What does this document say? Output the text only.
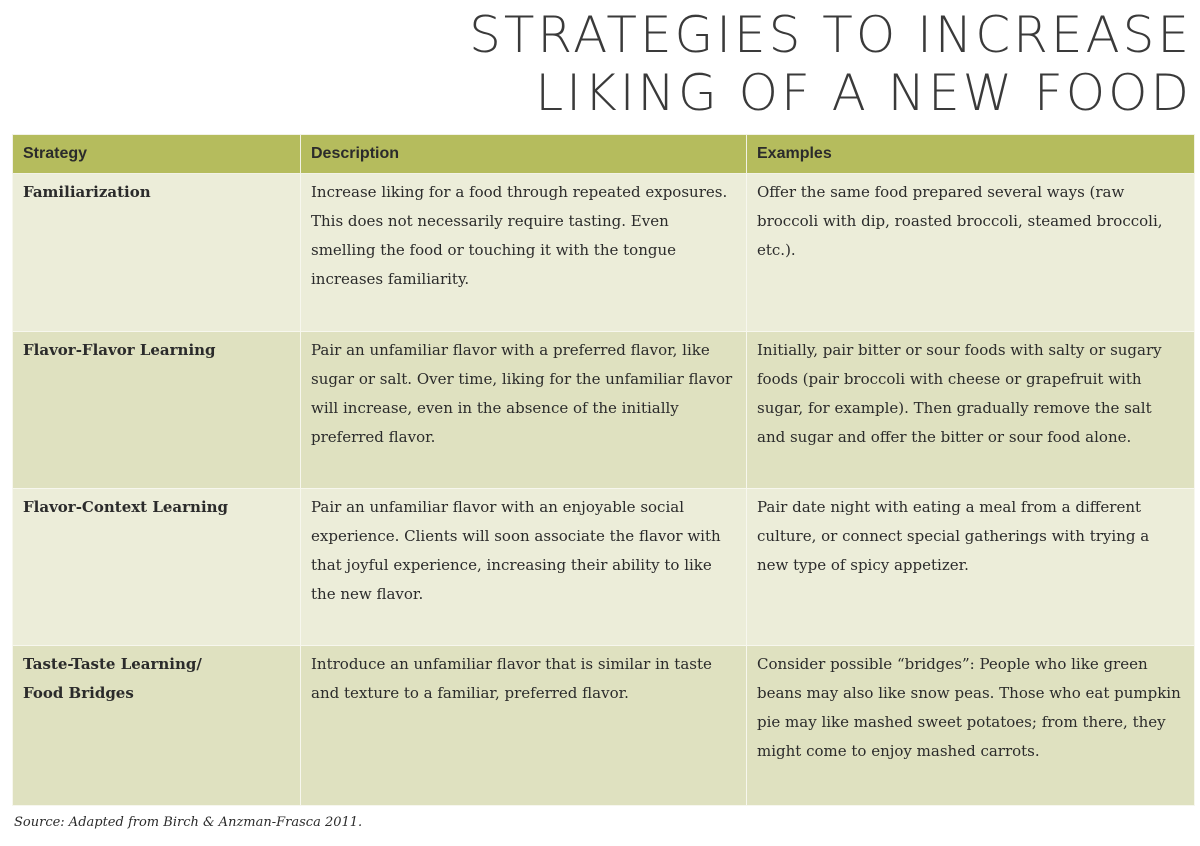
STRATEGIES TO INCREASE
LIKING OF A NEW FOOD
Strategy	Description	Examples

Familiarization	Increase liking for a food through repeated exposures. This does not necessarily require tasting. Even smelling the food or touching it with the tongue increases familiarity.	Offer the same food prepared several ways (raw broccoli with dip, roasted broccoli, steamed broccoli, etc.).

Flavor-Flavor Learning	Pair an unfamiliar flavor with a preferred flavor, like sugar or salt. Over time, liking for the unfamiliar flavor will increase, even in the absence of the initially preferred flavor.	Initially, pair bitter or sour foods with salty or sugary foods (pair broccoli with cheese or grapefruit with sugar, for example). Then gradually remove the salt and sugar and offer the bitter or sour food alone.

Flavor-Context Learning	Pair an unfamiliar flavor with an enjoyable social experience. Clients will soon associate the flavor with that joyful experience, increasing their ability to like the new flavor.	Pair date night with eating a meal from a different culture, or connect special gatherings with trying a new type of spicy appetizer.

Taste-Taste Learning/
Food Bridges	Introduce an unfamiliar flavor that is similar in taste and texture to a familiar, preferred flavor.	Consider possible “bridges”: People who like green beans may also like snow peas. Those who eat pumpkin pie may like mashed sweet potatoes; from there, they might come to enjoy mashed carrots.
Source: Adapted from Birch & Anzman-Frasca 2011.
